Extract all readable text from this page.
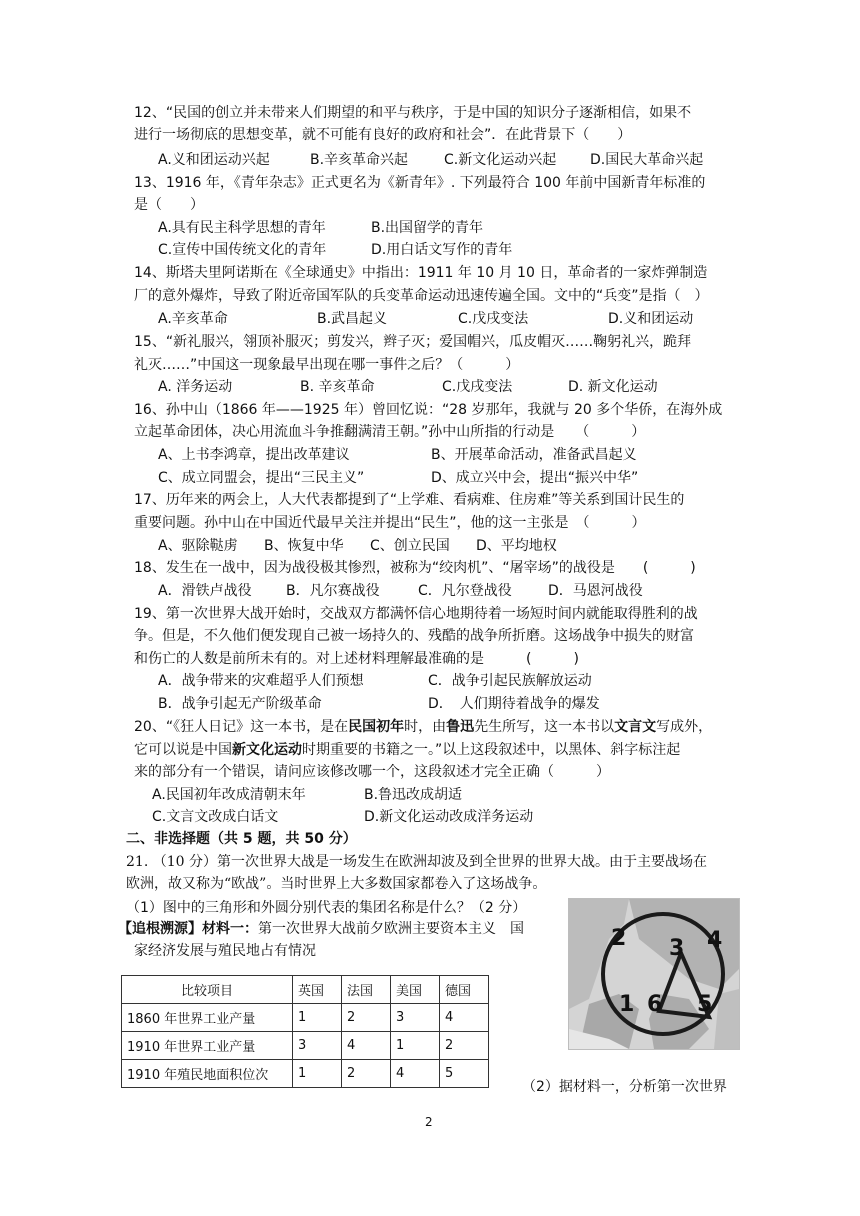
12、“民国的创立并未带来人们期望的和平与秩序，于是中国的知识分子逐渐相信，如果不
进行一场彻底的思想变革，就不可能有良好的政府和社会”．在此背景下（　　）
A.义和团运动兴起	B.辛亥革命兴起	C.新文化运动兴起 D.国民大革命兴起
13、1916 年，《青年杂志》正式更名为《新青年》. 下列最符合 100 年前中国新青年标准的
是（　　）
A.具有民主科学思想的青年	B.出国留学的青年
C.宣传中国传统文化的青年	D.用白话文写作的青年
14、斯塔夫里阿诺斯在《全球通史》中指出：1911 年 10 月 10 日，革命者的一家炸弹制造
厂的意外爆炸，导致了附近帝国军队的兵变革命运动迅速传遍全国。文中的“兵变”是指（　）
A.辛亥革命	B.武昌起义	C.戊戌变法	D.义和团运动
15、“新礼服兴，翎顶补服灭；剪发兴，辫子灭；爱国帽兴，瓜皮帽灭……鞠躬礼兴，跪拜
礼灭……”中国这一现象最早出现在哪一事件之后？（　　　）
A. 洋务运动	B. 辛亥革命	C.戊戌变法	D. 新文化运动
16、孙中山（1866 年——1925 年）曾回忆说：“28 岁那年，我就与 20 多个华侨，在海外成
立起革命团体，决心用流血斗争推翻满清王朝。”孙中山所指的行动是　　（　　　）
A、上书李鸿章，提出改革建议	B、开展革命活动，准备武昌起义
C、成立同盟会，提出“三民主义”	D、成立兴中会，提出“振兴中华”
17、历年来的两会上，人大代表都提到了“上学难、看病难、住房难”等关系到国计民生的
重要问题。孙中山在中国近代最早关注并提出“民生”，他的这一主张是　（　　　）
A、驱除鞑虏 B、恢复中华 C、创立民国 D、平均地权
18、发生在一战中，因为战役极其惨烈，被称为“绞肉机”、“屠宰场”的战役是　　(　　　)
A．滑铁卢战役 B．凡尔赛战役	C．凡尔登战役	D．马恩河战役
19、第一次世界大战开始时，交战双方都满怀信心地期待着一场短时间内就能取得胜利的战
争。但是，不久他们便发现自己被一场持久的、残酷的战争所折磨。这场战争中损失的财富
和伤亡的人数是前所未有的。对上述材料理解最准确的是　　　(　　　)
A．战争带来的灾难超乎人们预想	C．战争引起民族解放运动
B．战争引起无产阶级革命	D．　人们期待着战争的爆发
20、“《狂人日记》这一本书，是在民国初年时，由鲁迅先生所写，这一本书以文言文写成外，
它可以说是中国新文化运动时期重要的书籍之一。”以上这段叙述中，以黑体、斜字标注起
来的部分有一个错误，请问应该修改哪一个，这段叙述才完全正确（　　　）
A.民国初年改成清朝末年	B.鲁迅改成胡适
C.文言文改成白话文	D.新文化运动改成洋务运动
二、非选择题（共 5 题，共 50 分）
21. （10 分）第一次世界大战是一场发生在欧洲却波及到全世界的世界大战。由于主要战场在
欧洲，故又称为“欧战”。当时世界上大多数国家都卷入了这场战争。
（1）图中的三角形和外圆分别代表的集团名称是什么？（2 分）
【追根溯源】材料一：第一次世界大战前夕欧洲主要资本主义　国
家经济发展与殖民地占有情况	2 3 4
1 6 5
比较项目	英国	法国	美国	德国
1860 年世界工业产量	1	2	3	4
1910 年世界工业产量	3	4	1	2
1910 年殖民地面积位次	1	2	4	5
（2）据材料一，分析第一次世界
2
